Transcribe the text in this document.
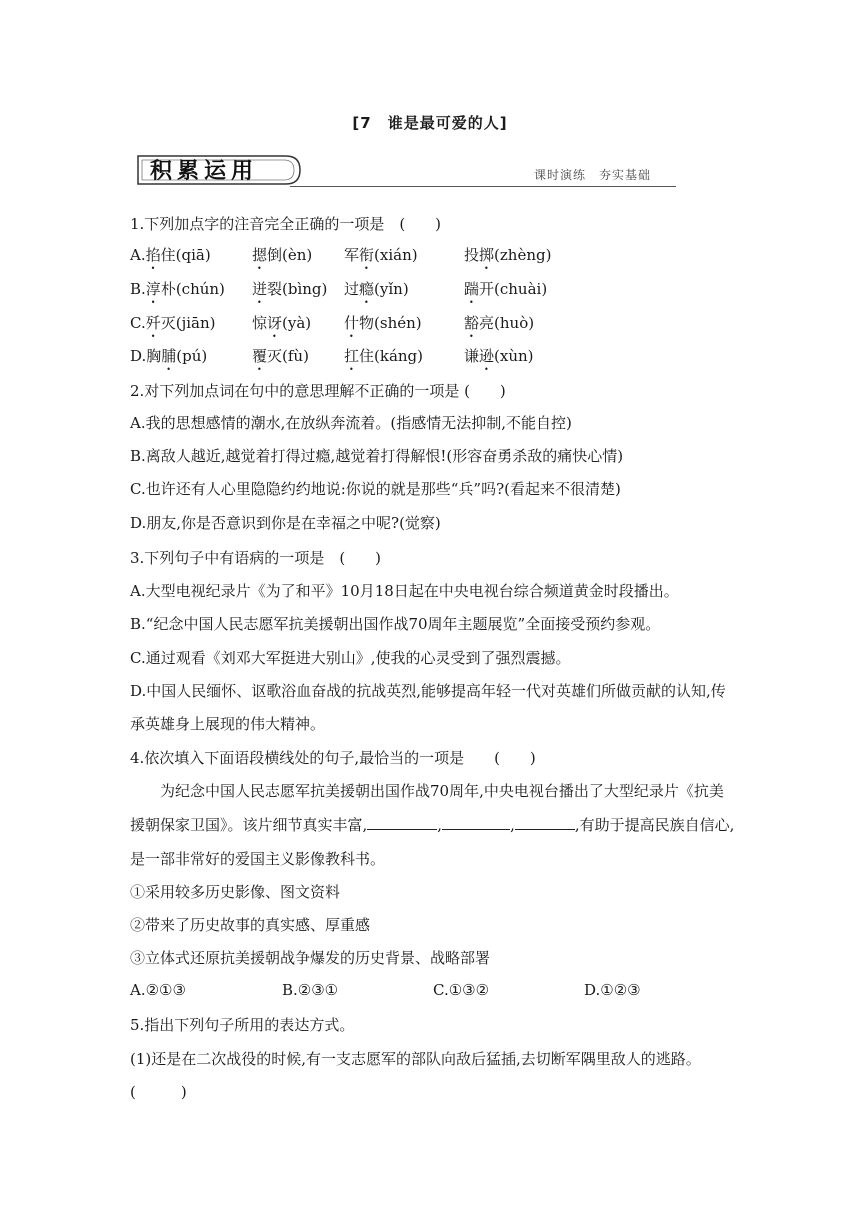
[7　谁是最可爱的人]
积累运用	课时演练　夯实基础
1.下列加点字的注音完全正确的一项是　(　　)
A.掐住(qiā)	摁倒(èn) 军衔(xián)	投掷(zhèng)
B.淳朴(chún) 迸裂(bìng) 过瘾(yǐn)	踹开(chuài)
C.歼灭(jiān) 惊讶(yà) 什物(shén)	豁亮(huò)
D.胸脯(pú)	覆灭(fù) 扛住(káng)	谦逊(xùn)
2.对下列加点词在句中的意思理解不正确的一项是 (　　)
A.我的思想感情的潮水,在放纵奔流着。(指感情无法抑制,不能自控)
B.离敌人越近,越觉着打得过瘾,越觉着打得解恨!(形容奋勇杀敌的痛快心情)
C.也许还有人心里隐隐约约地说:你说的就是那些“兵”吗?(看起来不很清楚)
D.朋友,你是否意识到你是在幸福之中呢?(觉察)
3.下列句子中有语病的一项是　(　　)
A.大型电视纪录片《为了和平》10月18日起在中央电视台综合频道黄金时段播出。
B.“纪念中国人民志愿军抗美援朝出国作战70周年主题展览”全面接受预约参观。
C.通过观看《刘邓大军挺进大别山》,使我的心灵受到了强烈震撼。
D.中国人民缅怀、讴歌浴血奋战的抗战英烈,能够提高年轻一代对英雄们所做贡献的认知,传
承英雄身上展现的伟大精神。
4.依次填入下面语段横线处的句子,最恰当的一项是　　(　　)
为纪念中国人民志愿军抗美援朝出国作战70周年,中央电视台播出了大型纪录片《抗美
援朝保家卫国》。该片细节真实丰富,	,	,	,有助于提高民族自信心,
是一部非常好的爱国主义影像教科书。
①采用较多历史影像、图文资料
②带来了历史故事的真实感、厚重感
③立体式还原抗美援朝战争爆发的历史背景、战略部署
A.②①③	B.②③①	C.①③②	D.①②③
5.指出下列句子所用的表达方式。
(1)还是在二次战役的时候,有一支志愿军的部队向敌后猛插,去切断军隅里敌人的逃路。
(　　　)
